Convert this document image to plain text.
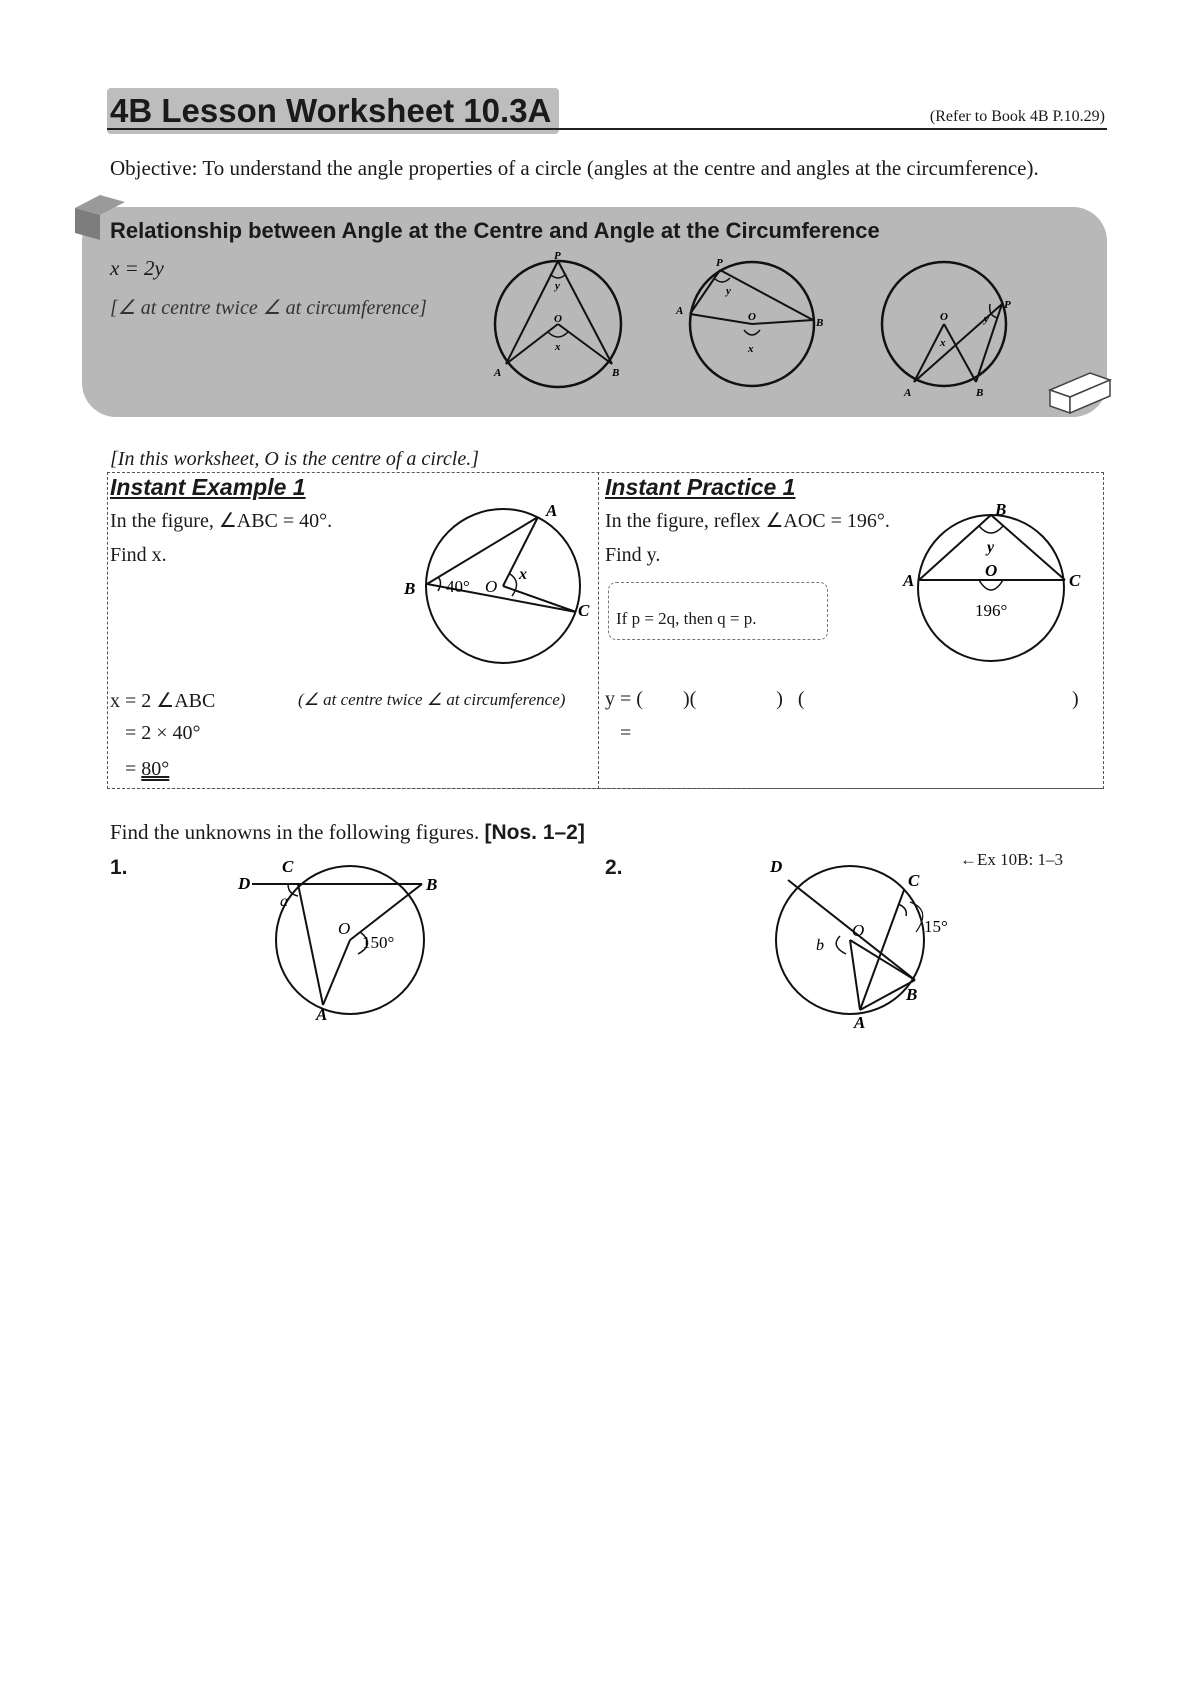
4B Lesson Worksheet 10.3A	(Refer to Book 4B P.10.29)
Objective: To understand the angle properties of a circle (angles at the centre and angles at the circumference).
Relationship between Angle at the Centre and Angle at the Circumference
x = 2y
[∠ at centre twice ∠ at circumference]
P
A	B
O
y
x
P
A
B
O
y
x
P
A	B
O
x
y
[In this worksheet, O is the centre of a circle.]
Instant Example 1
In the figure, ∠ABC = 40°.
Find x.
A
B
C
O
x
40°
x = 2 ∠ABC	(∠ at centre twice ∠ at circumference)
= 2 × 40°
= 80°
Instant Practice 1
In the figure, reflex ∠AOC = 196°.
Find y.
If p = 2q, then q = p.
B
A	C
O
y
196°
y = (        )(                )   (	)
=
Find the unknowns in the following figures. [Nos. 1–2]
1.	2.	←Ex 10B: 1–3
D
C
B
A
O
a
150°
D
C
B
A
O
b
15°
